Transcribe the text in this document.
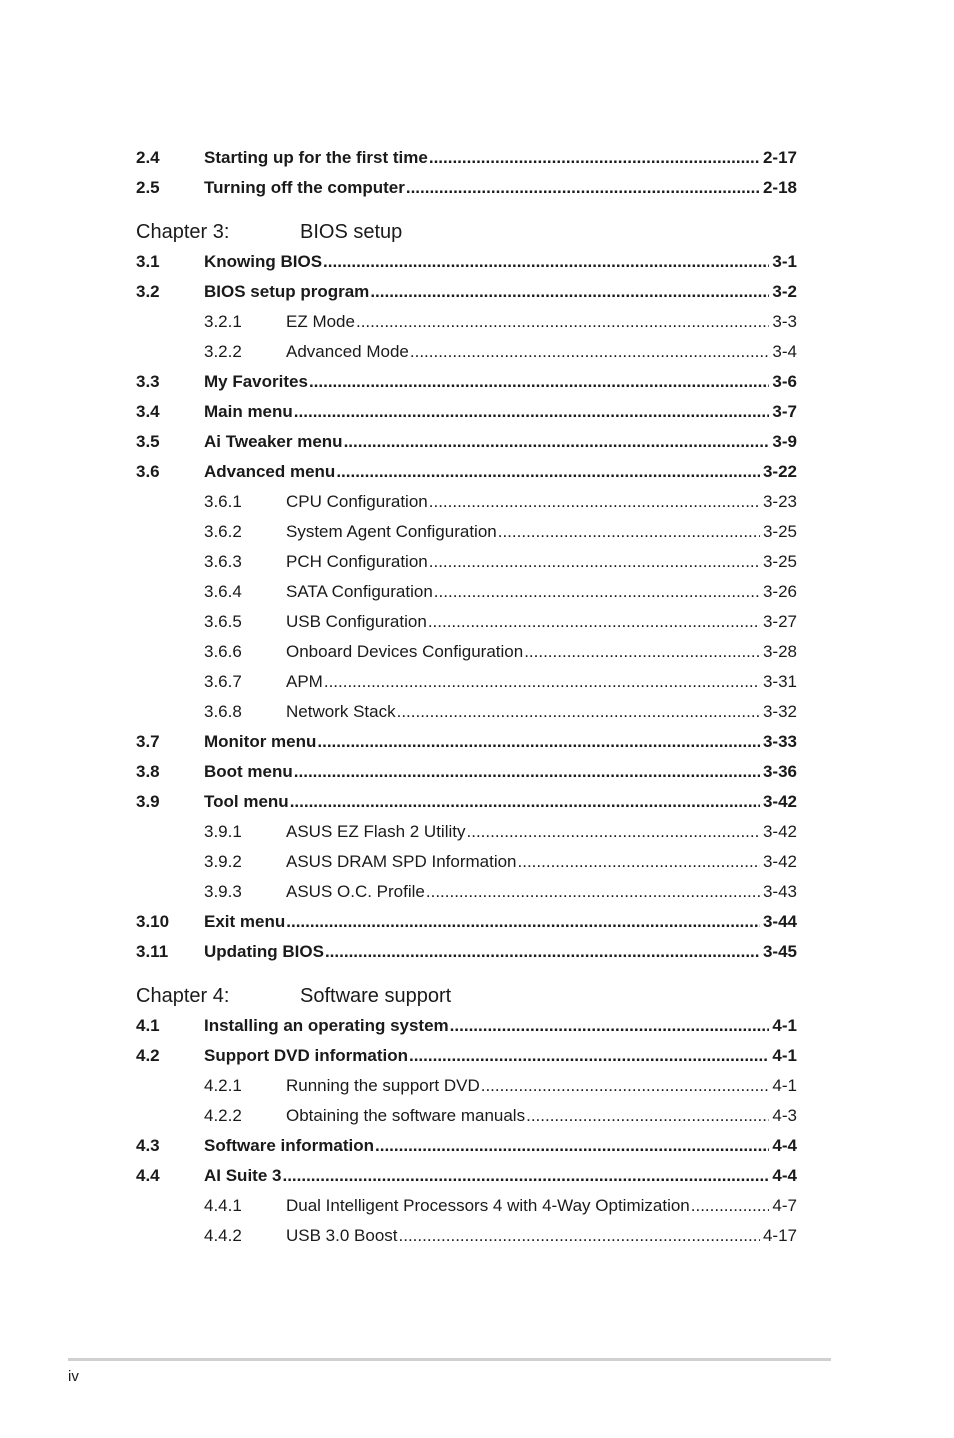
2.4	Starting up for the first time .....	2-17
2.5	Turning off the computer .....	2-18
Chapter 3:	BIOS setup
3.1	Knowing BIOS .....	3-1
3.2	BIOS setup program .....	3-2
3.2.1	EZ Mode .....	3-3
3.2.2	Advanced Mode .....	3-4
3.3	My Favorites .....	3-6
3.4	Main menu .....	3-7
3.5	Ai Tweaker menu .....	3-9
3.6	Advanced menu .....	3-22
3.6.1	CPU Configuration .....	3-23
3.6.2	System Agent Configuration .....	3-25
3.6.3	PCH Configuration .....	3-25
3.6.4	SATA Configuration .....	3-26
3.6.5	USB Configuration .....	3-27
3.6.6	Onboard Devices Configuration .....	3-28
3.6.7	APM .....	3-31
3.6.8	Network Stack .....	3-32
3.7	Monitor menu .....	3-33
3.8	Boot menu .....	3-36
3.9	Tool menu .....	3-42
3.9.1	ASUS EZ Flash 2 Utility .....	3-42
3.9.2	ASUS DRAM SPD Information .....	3-42
3.9.3	ASUS O.C. Profile .....	3-43
3.10 Exit menu .....	3-44
3.11 Updating BIOS .....	3-45
Chapter 4:	Software support
4.1	Installing an operating system .....	4-1
4.2	Support DVD information .....	4-1
4.2.1	Running the support DVD .....	4-1
4.2.2	Obtaining the software manuals .....	4-3
4.3	Software information .....	4-4
4.4	AI Suite 3 .....	4-4
4.4.1	Dual Intelligent Processors 4 with 4-Way Optimization .....	4-7
4.4.2	USB 3.0 Boost .....	4-17
iv
